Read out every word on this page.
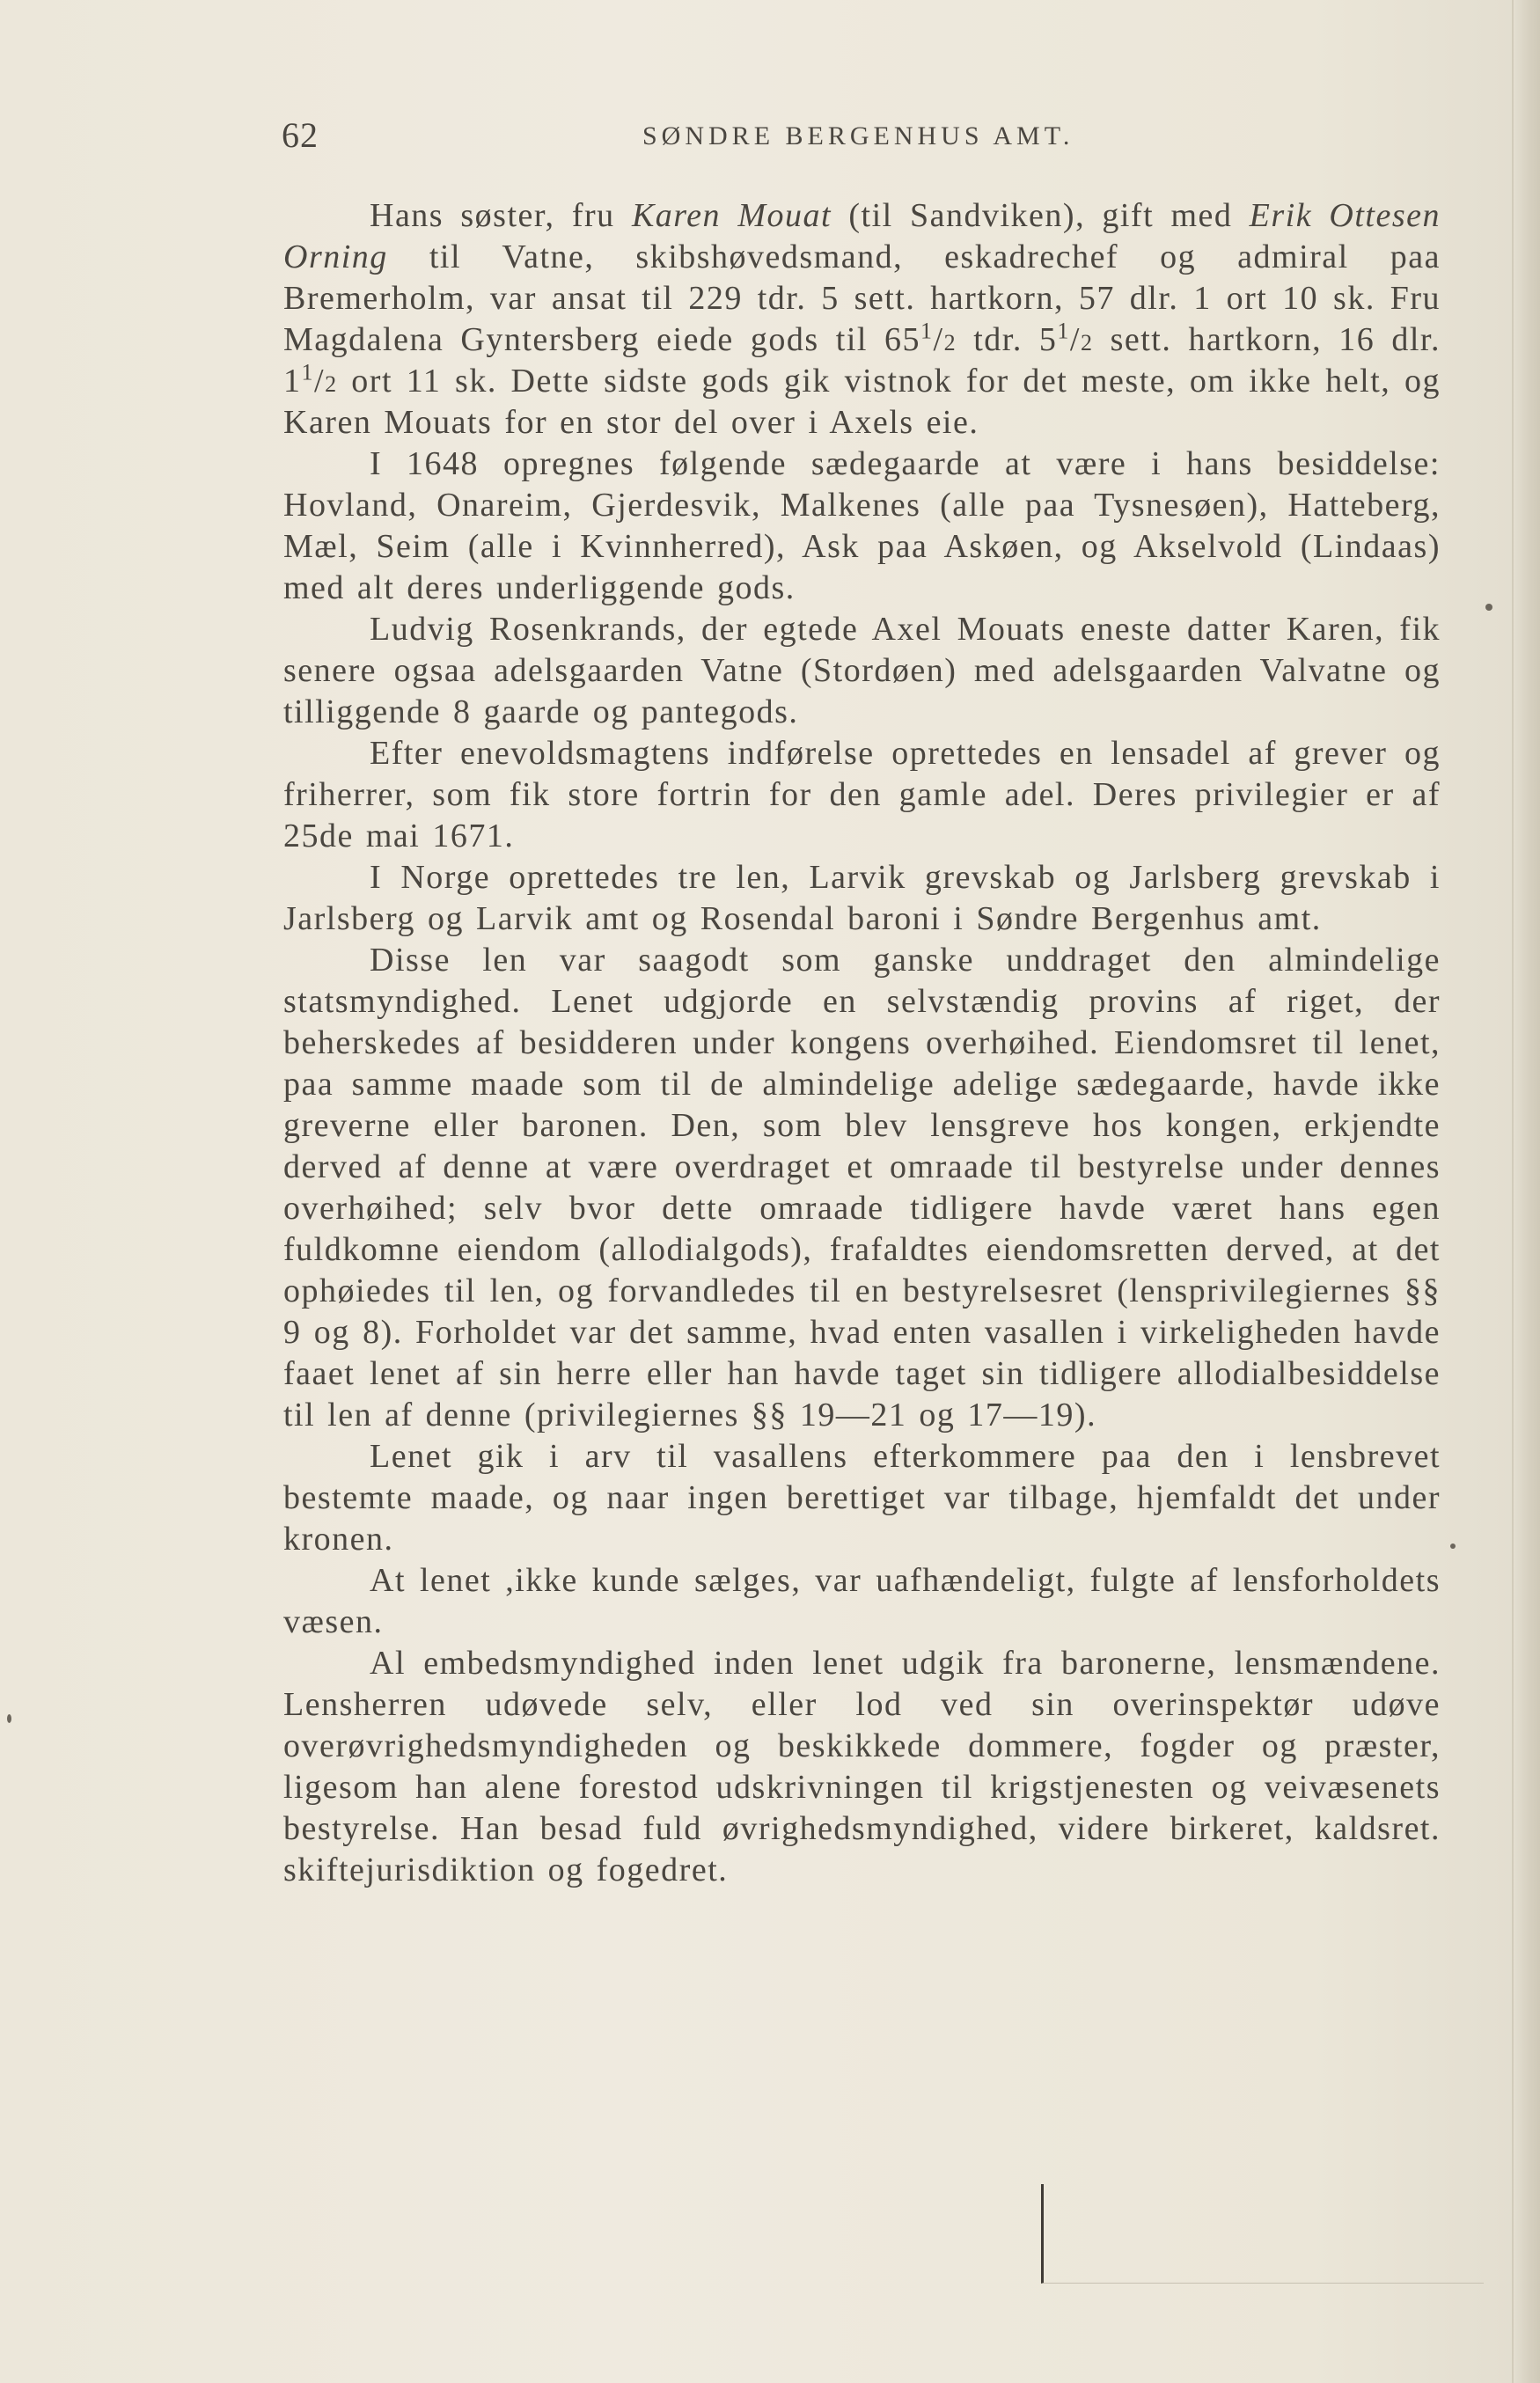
62	SØNDRE BERGENHUS AMT.

Hans søster, fru Karen Mouat (til Sandviken), gift med Erik Ottesen Orning til Vatne, skibshøvedsmand, eskadrechef og admiral paa Bremerholm, var ansat til 229 tdr. 5 sett. hartkorn, 57 dlr. 1 ort 10 sk. Fru Magdalena Gyntersberg eiede gods til $65^1/2$ tdr. $5^1/2$ sett. hartkorn, 16 dlr. $1^1/2$ ort 11 sk. Dette sidste gods gik vistnok for det meste, om ikke helt, og Karen Mouats for en stor del over i Axels eie.

I 1648 opregnes følgende sædegaarde at være i hans besiddelse: Hovland, Onareim, Gjerdesvik, Malkenes (alle paa Tysnesøen), Hatteberg, Mæl, Seim (alle i Kvinnherred), Ask paa Askøen, og Akselvold (Lindaas) med alt deres underliggende gods.

Ludvig Rosenkrands, der egtede Axel Mouats eneste datter Karen, fik senere ogsaa adelsgaarden Vatne (Stordøen) med adelsgaarden Valvatne og tilliggende 8 gaarde og pantegods.

Efter enevoldsmagtens indførelse oprettedes en lensadel af grever og friherrer, som fik store fortrin for den gamle adel. Deres privilegier er af 25de mai 1671.

I Norge oprettedes tre len, Larvik grevskab og Jarlsberg grevskab i Jarlsberg og Larvik amt og Rosendal baroni i Søndre Bergenhus amt.

Disse len var saagodt som ganske unddraget den almindelige statsmyndighed. Lenet udgjorde en selvstændig provins af riget, der beherskedes af besidderen under kongens overhøihed. Eiendomsret til lenet, paa samme maade som til de almindelige adelige sædegaarde, havde ikke greverne eller baronen. Den, som blev lensgreve hos kongen, erkjendte derved af denne at være overdraget et omraade til bestyrelse under dennes overhøihed; selv bvor dette omraade tidligere havde været hans egen fuldkomne eiendom (allodialgods), frafaldtes eiendomsretten derved, at det ophøiedes til len, og forvandledes til en bestyrelsesret (lensprivilegiernes §§ 9 og 8). Forholdet var det samme, hvad enten vasallen i virkeligheden havde faaet lenet af sin herre eller han havde taget sin tidligere allodialbesiddelse til len af denne (privilegiernes §§ 19—21 og 17—19).

Lenet gik i arv til vasallens efterkommere paa den i lensbrevet bestemte maade, og naar ingen berettiget var tilbage, hjemfaldt det under kronen.

At lenet ,ikke kunde sælges, var uafhændeligt, fulgte af lensforholdets væsen.

Al embedsmyndighed inden lenet udgik fra baronerne, lensmændene. Lensherren udøvede selv, eller lod ved sin overinspektør udøve overøvrighedsmyndigheden og beskikkede dommere, fogder og præster, ligesom han alene forestod udskrivningen til krigstjenesten og veivæsenets bestyrelse. Han besad fuld øvrighedsmyndighed, videre birkeret, kaldsret. skiftejurisdiktion og fogedret.
